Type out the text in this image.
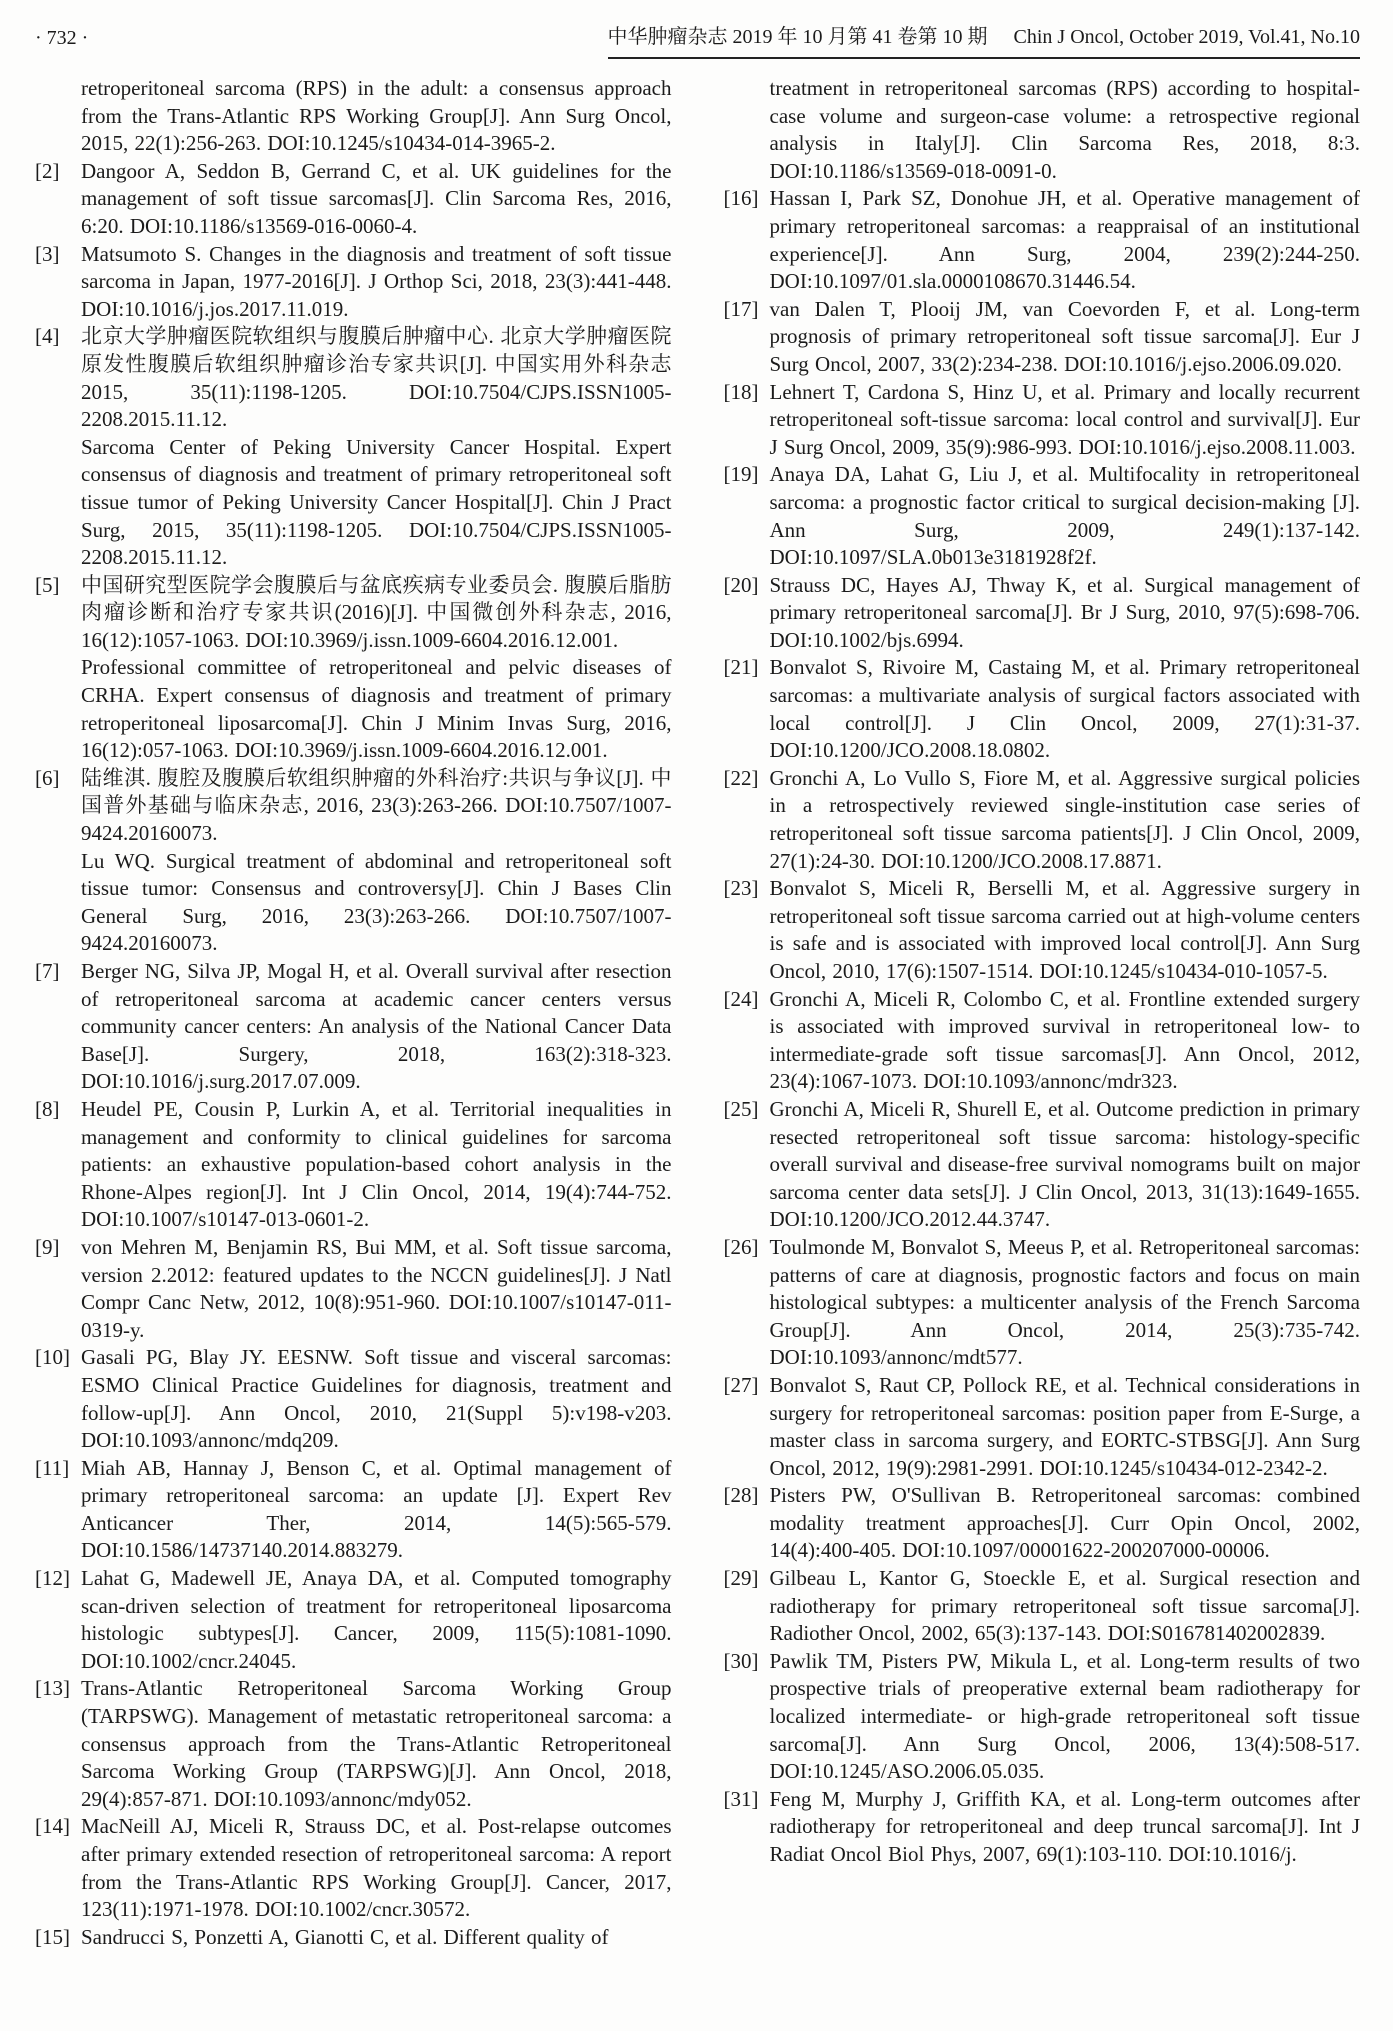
· 732 ·	中华肿瘤杂志 2019 年 10 月第 41 卷第 10 期 Chin J Oncol, October 2019, Vol.41, No.10
retroperitoneal sarcoma (RPS) in the adult: a consensus approach from the Trans-Atlantic RPS Working Group[J]. Ann Surg Oncol, 2015, 22(1):256-263. DOI:10.1245/s10434-014-3965-2.
[2]	Dangoor A, Seddon B, Gerrand C, et al. UK guidelines for the management of soft tissue sarcomas[J]. Clin Sarcoma Res, 2016, 6:20. DOI:10.1186/s13569-016-0060-4.
[3]	Matsumoto S. Changes in the diagnosis and treatment of soft tissue sarcoma in Japan, 1977-2016[J]. J Orthop Sci, 2018, 23(3):441-448. DOI:10.1016/j.jos.2017.11.019.
[4]	北京大学肿瘤医院软组织与腹膜后肿瘤中心. 北京大学肿瘤医院原发性腹膜后软组织肿瘤诊治专家共识[J]. 中国实用外科杂志 2015, 35(11):1198-1205. DOI:10.7504/CJPS.ISSN1005-2208.2015.11.12.
Sarcoma Center of Peking University Cancer Hospital. Expert consensus of diagnosis and treatment of primary retroperitoneal soft tissue tumor of Peking University Cancer Hospital[J]. Chin J Pract Surg, 2015, 35(11):1198-1205. DOI:10.7504/CJPS.ISSN1005-2208.2015.11.12.
[5]	中国研究型医院学会腹膜后与盆底疾病专业委员会. 腹膜后脂肪肉瘤诊断和治疗专家共识(2016)[J]. 中国微创外科杂志, 2016, 16(12):1057-1063. DOI:10.3969/j.issn.1009-6604.2016.12.001.
Professional committee of retroperitoneal and pelvic diseases of CRHA. Expert consensus of diagnosis and treatment of primary retroperitoneal liposarcoma[J]. Chin J Minim Invas Surg, 2016, 16(12):057-1063. DOI:10.3969/j.issn.1009-6604.2016.12.001.
[6]	陆维淇. 腹腔及腹膜后软组织肿瘤的外科治疗:共识与争议[J]. 中国普外基础与临床杂志, 2016, 23(3):263-266. DOI:10.7507/1007-9424.20160073.
Lu WQ. Surgical treatment of abdominal and retroperitoneal soft tissue tumor: Consensus and controversy[J]. Chin J Bases Clin General Surg, 2016, 23(3):263-266. DOI:10.7507/1007-9424.20160073.
[7]	Berger NG, Silva JP, Mogal H, et al. Overall survival after resection of retroperitoneal sarcoma at academic cancer centers versus community cancer centers: An analysis of the National Cancer Data Base[J]. Surgery, 2018, 163(2):318-323. DOI:10.1016/j.surg.2017.07.009.
[8]	Heudel PE, Cousin P, Lurkin A, et al. Territorial inequalities in management and conformity to clinical guidelines for sarcoma patients: an exhaustive population-based cohort analysis in the Rhone-Alpes region[J]. Int J Clin Oncol, 2014, 19(4):744-752. DOI:10.1007/s10147-013-0601-2.
[9]	von Mehren M, Benjamin RS, Bui MM, et al. Soft tissue sarcoma, version 2.2012: featured updates to the NCCN guidelines[J]. J Natl Compr Canc Netw, 2012, 10(8):951-960. DOI:10.1007/s10147-011-0319-y.
[10] Gasali PG, Blay JY. EESNW. Soft tissue and visceral sarcomas: ESMO Clinical Practice Guidelines for diagnosis, treatment and follow-up[J]. Ann Oncol, 2010, 21(Suppl 5):v198-v203. DOI:10.1093/annonc/mdq209.
[11] Miah AB, Hannay J, Benson C, et al. Optimal management of primary retroperitoneal sarcoma: an update [J]. Expert Rev Anticancer Ther, 2014, 14(5):565-579. DOI:10.1586/14737140.2014.883279.
[12] Lahat G, Madewell JE, Anaya DA, et al. Computed tomography scan-driven selection of treatment for retroperitoneal liposarcoma histologic subtypes[J]. Cancer, 2009, 115(5):1081-1090. DOI:10.1002/cncr.24045.
[13] Trans-Atlantic Retroperitoneal Sarcoma Working Group (TARPSWG). Management of metastatic retroperitoneal sarcoma: a consensus approach from the Trans-Atlantic Retroperitoneal Sarcoma Working Group (TARPSWG)[J]. Ann Oncol, 2018, 29(4):857-871. DOI:10.1093/annonc/mdy052.
[14] MacNeill AJ, Miceli R, Strauss DC, et al. Post-relapse outcomes after primary extended resection of retroperitoneal sarcoma: A report from the Trans-Atlantic RPS Working Group[J]. Cancer, 2017, 123(11):1971-1978. DOI:10.1002/cncr.30572.
[15] Sandrucci S, Ponzetti A, Gianotti C, et al. Different quality of
treatment in retroperitoneal sarcomas (RPS) according to hospital-case volume and surgeon-case volume: a retrospective regional analysis in Italy[J]. Clin Sarcoma Res, 2018, 8:3. DOI:10.1186/s13569-018-0091-0.
[16] Hassan I, Park SZ, Donohue JH, et al. Operative management of primary retroperitoneal sarcomas: a reappraisal of an institutional experience[J]. Ann Surg, 2004, 239(2):244-250. DOI:10.1097/01.sla.0000108670.31446.54.
[17] van Dalen T, Plooij JM, van Coevorden F, et al. Long-term prognosis of primary retroperitoneal soft tissue sarcoma[J]. Eur J Surg Oncol, 2007, 33(2):234-238. DOI:10.1016/j.ejso.2006.09.020.
[18] Lehnert T, Cardona S, Hinz U, et al. Primary and locally recurrent retroperitoneal soft-tissue sarcoma: local control and survival[J]. Eur J Surg Oncol, 2009, 35(9):986-993. DOI:10.1016/j.ejso.2008.11.003.
[19] Anaya DA, Lahat G, Liu J, et al. Multifocality in retroperitoneal sarcoma: a prognostic factor critical to surgical decision-making [J]. Ann Surg, 2009, 249(1):137-142. DOI:10.1097/SLA.0b013e3181928f2f.
[20] Strauss DC, Hayes AJ, Thway K, et al. Surgical management of primary retroperitoneal sarcoma[J]. Br J Surg, 2010, 97(5):698-706. DOI:10.1002/bjs.6994.
[21] Bonvalot S, Rivoire M, Castaing M, et al. Primary retroperitoneal sarcomas: a multivariate analysis of surgical factors associated with local control[J]. J Clin Oncol, 2009, 27(1):31-37. DOI:10.1200/JCO.2008.18.0802.
[22] Gronchi A, Lo Vullo S, Fiore M, et al. Aggressive surgical policies in a retrospectively reviewed single-institution case series of retroperitoneal soft tissue sarcoma patients[J]. J Clin Oncol, 2009, 27(1):24-30. DOI:10.1200/JCO.2008.17.8871.
[23] Bonvalot S, Miceli R, Berselli M, et al. Aggressive surgery in retroperitoneal soft tissue sarcoma carried out at high-volume centers is safe and is associated with improved local control[J]. Ann Surg Oncol, 2010, 17(6):1507-1514. DOI:10.1245/s10434-010-1057-5.
[24] Gronchi A, Miceli R, Colombo C, et al. Frontline extended surgery is associated with improved survival in retroperitoneal low- to intermediate-grade soft tissue sarcomas[J]. Ann Oncol, 2012, 23(4):1067-1073. DOI:10.1093/annonc/mdr323.
[25] Gronchi A, Miceli R, Shurell E, et al. Outcome prediction in primary resected retroperitoneal soft tissue sarcoma: histology-specific overall survival and disease-free survival nomograms built on major sarcoma center data sets[J]. J Clin Oncol, 2013, 31(13):1649-1655. DOI:10.1200/JCO.2012.44.3747.
[26] Toulmonde M, Bonvalot S, Meeus P, et al. Retroperitoneal sarcomas: patterns of care at diagnosis, prognostic factors and focus on main histological subtypes: a multicenter analysis of the French Sarcoma Group[J]. Ann Oncol, 2014, 25(3):735-742. DOI:10.1093/annonc/mdt577.
[27] Bonvalot S, Raut CP, Pollock RE, et al. Technical considerations in surgery for retroperitoneal sarcomas: position paper from E-Surge, a master class in sarcoma surgery, and EORTC-STBSG[J]. Ann Surg Oncol, 2012, 19(9):2981-2991. DOI:10.1245/s10434-012-2342-2.
[28] Pisters PW, O'Sullivan B. Retroperitoneal sarcomas: combined modality treatment approaches[J]. Curr Opin Oncol, 2002, 14(4):400-405. DOI:10.1097/00001622-200207000-00006.
[29] Gilbeau L, Kantor G, Stoeckle E, et al. Surgical resection and radiotherapy for primary retroperitoneal soft tissue sarcoma[J]. Radiother Oncol, 2002, 65(3):137-143. DOI:S016781402002839.
[30] Pawlik TM, Pisters PW, Mikula L, et al. Long-term results of two prospective trials of preoperative external beam radiotherapy for localized intermediate- or high-grade retroperitoneal soft tissue sarcoma[J]. Ann Surg Oncol, 2006, 13(4):508-517. DOI:10.1245/ASO.2006.05.035.
[31] Feng M, Murphy J, Griffith KA, et al. Long-term outcomes after radiotherapy for retroperitoneal and deep truncal sarcoma[J]. Int J Radiat Oncol Biol Phys, 2007, 69(1):103-110. DOI:10.1016/j.
